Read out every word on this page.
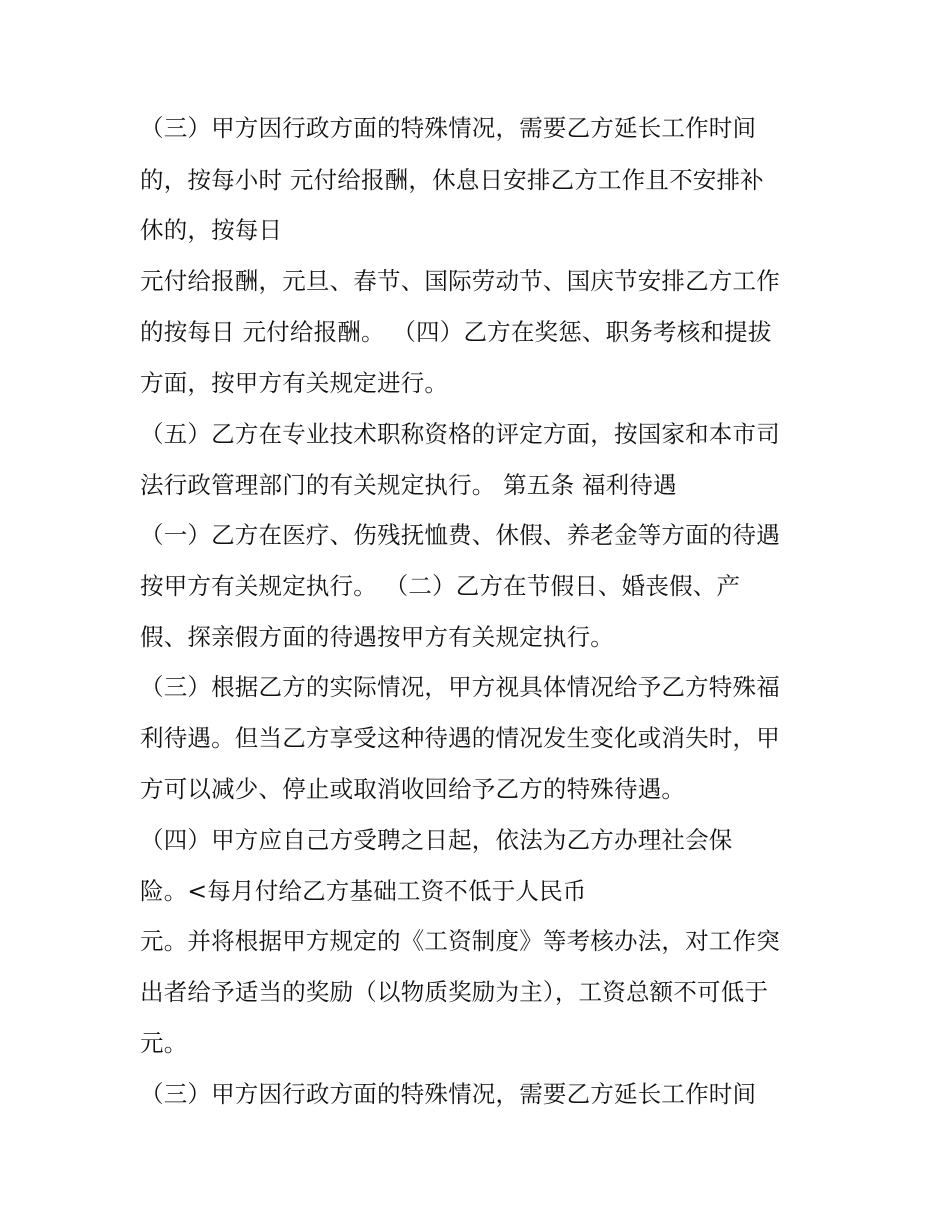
（三）甲方因行政方面的特殊情况，需要乙方延长工作时间
的，按每小时 元付给报酬，休息日安排乙方工作且不安排补
休的，按每日
元付给报酬，元旦、春节、国际劳动节、国庆节安排乙方工作
的按每日 元付给报酬。 （四）乙方在奖惩、职务考核和提拔
方面，按甲方有关规定进行。
（五）乙方在专业技术职称资格的评定方面，按国家和本市司
法行政管理部门的有关规定执行。 第五条 福利待遇
（一）乙方在医疗、伤残抚恤费、休假、养老金等方面的待遇
按甲方有关规定执行。 （二）乙方在节假日、婚丧假、产
假、探亲假方面的待遇按甲方有关规定执行。
（三）根据乙方的实际情况，甲方视具体情况给予乙方特殊福
利待遇。但当乙方享受这种待遇的情况发生变化或消失时，甲
方可以减少、停止或取消收回给予乙方的特殊待遇。
（四）甲方应自己方受聘之日起，依法为乙方办理社会保
险。<每月付给乙方基础工资不低于人民币
元。并将根据甲方规定的《工资制度》等考核办法，对工作突
出者给予适当的奖励（以物质奖励为主），工资总额不可低于
元。
（三）甲方因行政方面的特殊情况，需要乙方延长工作时间
